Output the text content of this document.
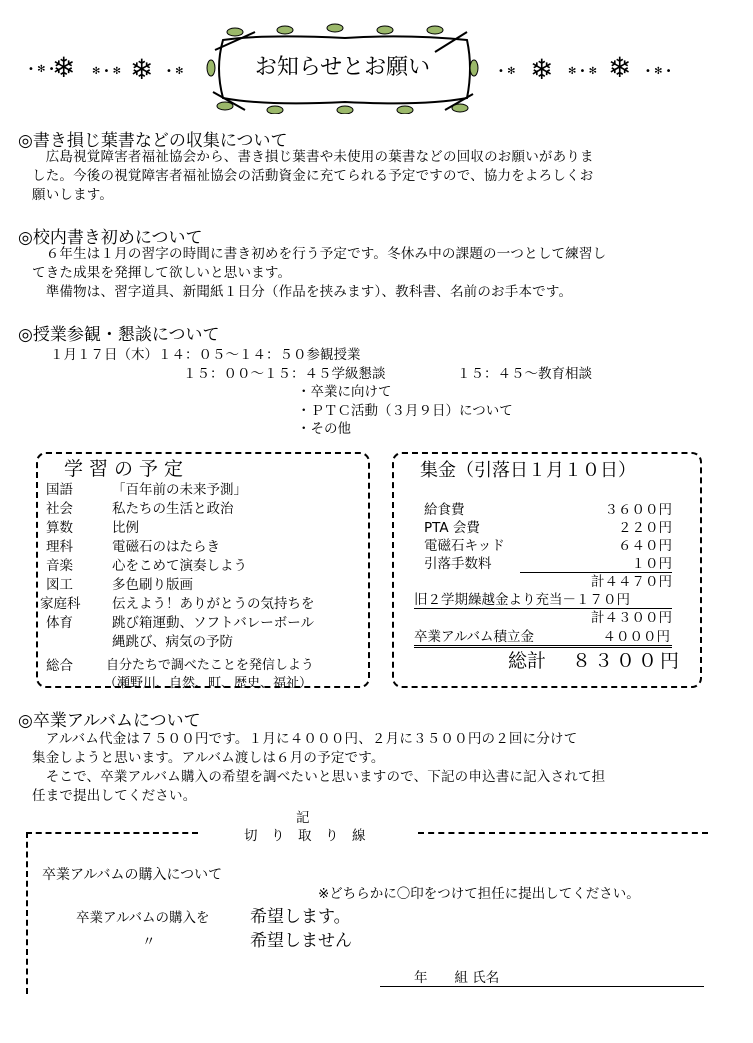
お知らせとお願い
❄ ❄
• ✻ •	✻ • ✻	• ✻	❄ ❄
• ✻	✻ • ✻	• ✻ •
◎書き損じ葉書などの収集について
　広島視覚障害者福祉協会から、書き損じ葉書や未使用の葉書などの回収のお願いがありま
した。今後の視覚障害者福祉協会の活動資金に充てられる予定ですので、協力をよろしくお
願いします。
◎校内書き初めについて
　６年生は１月の習字の時間に書き初めを行う予定です。冬休み中の課題の一つとして練習し
てきた成果を発揮して欲しいと思います。
　準備物は、習字道具、新聞紙１日分（作品を挟みます）、教科書、名前のお手本です。
◎授業参観・懇談について
１月１７日（木）１４：０５～１４：５０参観授業
１５：００～１５：４５学級懇談	１５：４５～教育相談
・卒業に向けて
・ＰＴＣ活動（３月９日）について
・その他
学習の予定
国語	「百年前の未来予測」
社会	私たちの生活と政治
算数	比例
理科	電磁石のはたらき
音楽	心をこめて演奏しよう
図工	多色刷り版画
家庭科 伝えよう！ありがとうの気持ちを
体育	跳び箱運動、ソフトバレーボール
縄跳び、病気の予防
総合	自分たちで調べたことを発信しよう
（瀬野川、自然、町、歴史、福祉）
集金（引落日１月１０日）
給食費	３６００円
PTA 会費	２２０円
電磁石キッド	６４０円
引落手数料	１０円
計４４７０円
旧２学期繰越金より充当－１７０円
計４３００円
卒業アルバム積立金	４０００円
総計 ８３００円
◎卒業アルバムについて
　アルバム代金は７５００円です。１月に４０００円、２月に３５００円の２回に分けて
集金しようと思います。アルバム渡しは６月の予定です。
　そこで、卒業アルバム購入の希望を調べたいと思いますので、下記の申込書に記入されて担
任まで提出してください。
記
切　り　取　り　線
卒業アルバムの購入について
※どちらかに〇印をつけて担任に提出してください。
卒業アルバムの購入を
〃
希望します。
希望しません
年　　組 氏名
